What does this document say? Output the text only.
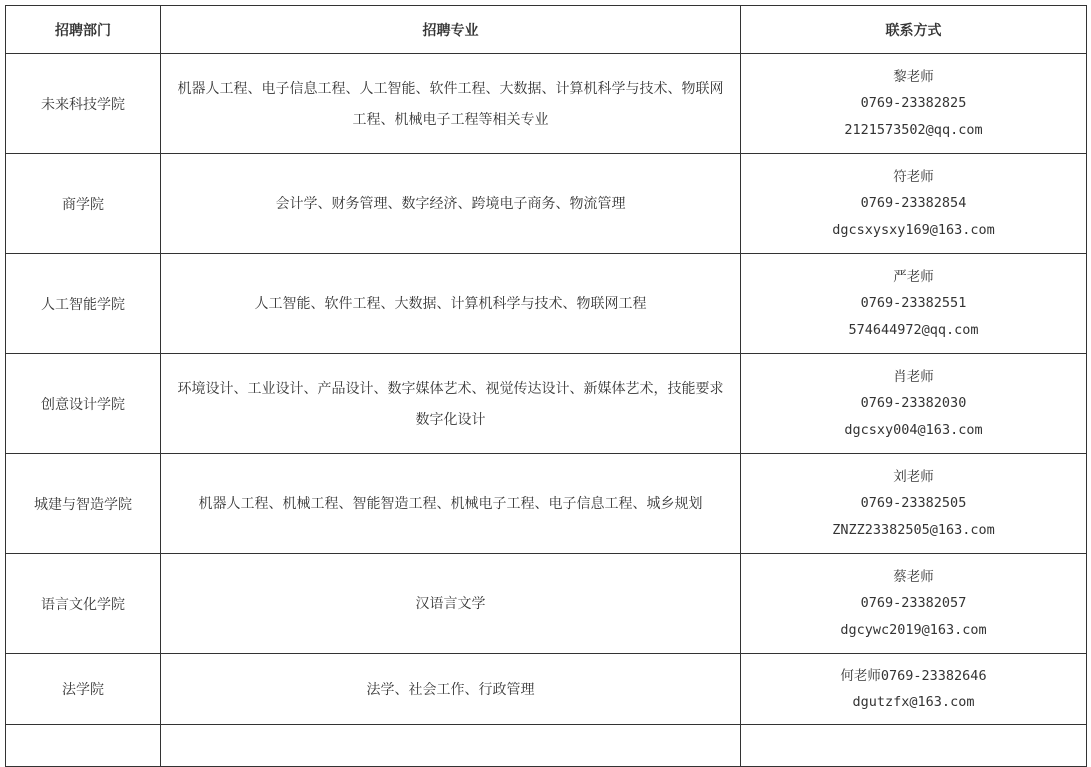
招聘部门	招聘专业	联系方式
未来科技学院	机器人工程、电子信息工程、人工智能、软件工程、大数据、计算机科学与技术、物联网工程、机械电子工程等相关专业	黎老师
0769-23382825
2121573502@qq.com

商学院	会计学、财务管理、数字经济、跨境电子商务、物流管理	符老师
0769-23382854
dgcsxysxy169@163.com

人工智能学院	人工智能、软件工程、大数据、计算机科学与技术、物联网工程	严老师
0769-23382551
574644972@qq.com

创意设计学院	环境设计、工业设计、产品设计、数字媒体艺术、视觉传达设计、新媒体艺术，技能要求数字化设计	肖老师
0769-23382030
dgcsxy004@163.com

城建与智造学院	机器人工程、机械工程、智能智造工程、机械电子工程、电子信息工程、城乡规划	刘老师
0769-23382505
ZNZZ23382505@163.com

语言文化学院	汉语言文学	蔡老师
0769-23382057
dgcywc2019@163.com

法学院	法学、社会工作、行政管理	何老师0769-23382646
dgutzfx@163.com
